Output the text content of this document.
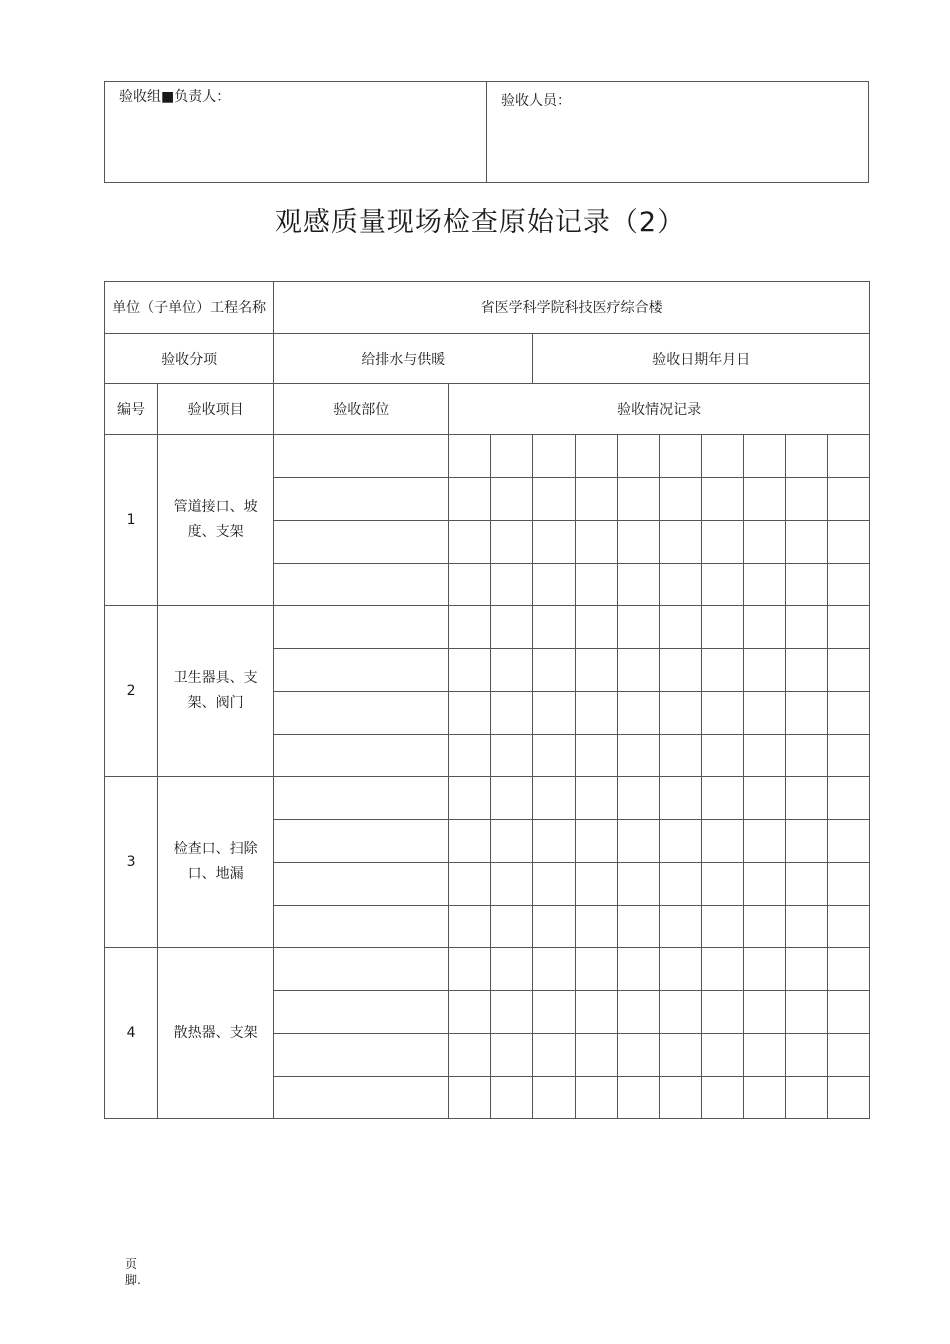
验收组■负责人：	验收人员：
观感质量现场检查原始记录（2）
单位（子单位）工程名称		省医学科学院科技医疗综合楼										
验收分项		给排水与供暖			验收日期年月日							
编号	验收项目	验收部位	验收情况记录									
1	管道接口、坡度、支架											

2	卫生器具、支架、阀门											

3	检查口、扫除口、地漏											

4	散热器、支架											

页
脚.
